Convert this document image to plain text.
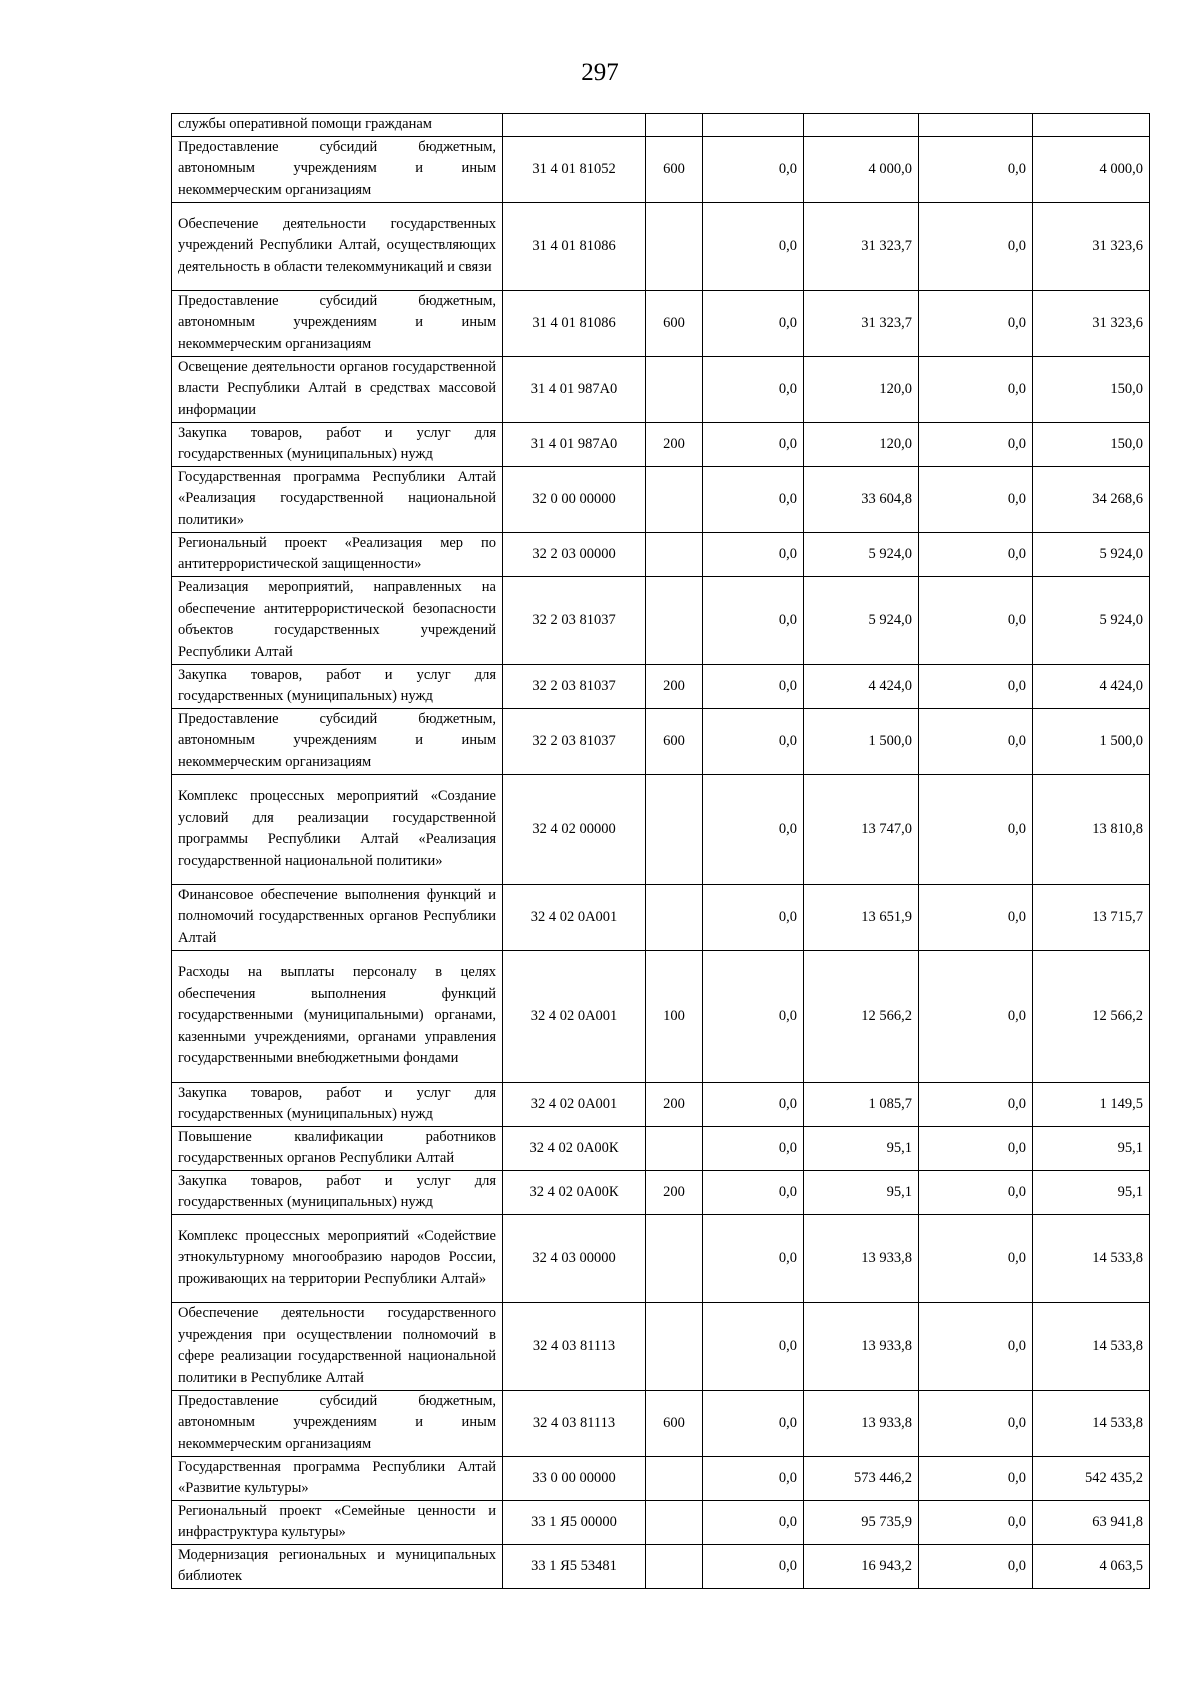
297
службы оперативной помощи гражданам						
Предоставление субсидий бюджетным, автономным учреждениям и иным некоммерческим организациям	31 4 01 81052	600	0,0	4 000,0	0,0	4 000,0
Обеспечение деятельности государственных учреждений Республики Алтай, осуществляющих деятельность в области телекоммуникаций и связи	31 4 01 81086		0,0	31 323,7	0,0	31 323,6
Предоставление субсидий бюджетным, автономным учреждениям и иным некоммерческим организациям	31 4 01 81086	600	0,0	31 323,7	0,0	31 323,6
Освещение деятельности органов государственной власти Республики Алтай в средствах массовой информации	31 4 01 987A0		0,0	120,0	0,0	150,0
Закупка товаров, работ и услуг для государственных (муниципальных) нужд	31 4 01 987A0	200	0,0	120,0	0,0	150,0
Государственная программа Республики Алтай «Реализация государственной национальной политики»	32 0 00 00000		0,0	33 604,8	0,0	34 268,6
Региональный проект «Реализация мер по антитеррористической защищенности»	32 2 03 00000		0,0	5 924,0	0,0	5 924,0
Реализация мероприятий, направленных на обеспечение антитеррористической безопасности объектов государственных учреждений Республики Алтай	32 2 03 81037		0,0	5 924,0	0,0	5 924,0
Закупка товаров, работ и услуг для государственных (муниципальных) нужд	32 2 03 81037	200	0,0	4 424,0	0,0	4 424,0
Предоставление субсидий бюджетным, автономным учреждениям и иным некоммерческим организациям	32 2 03 81037	600	0,0	1 500,0	0,0	1 500,0
Комплекс процессных мероприятий «Создание условий для реализации государственной программы Республики Алтай «Реализация государственной национальной политики»	32 4 02 00000		0,0	13 747,0	0,0	13 810,8
Финансовое обеспечение выполнения функций и полномочий государственных органов Республики Алтай	32 4 02 0А001		0,0	13 651,9	0,0	13 715,7
Расходы на выплаты персоналу в целях обеспечения выполнения функций государственными (муниципальными) органами, казенными учреждениями, органами управления государственными внебюджетными фондами	32 4 02 0А001	100	0,0	12 566,2	0,0	12 566,2
Закупка товаров, работ и услуг для государственных (муниципальных) нужд	32 4 02 0А001	200	0,0	1 085,7	0,0	1 149,5
Повышение квалификации работников государственных органов Республики Алтай	32 4 02 0А00К		0,0	95,1	0,0	95,1
Закупка товаров, работ и услуг для государственных (муниципальных) нужд	32 4 02 0А00К	200	0,0	95,1	0,0	95,1
Комплекс процессных мероприятий «Содействие этнокультурному многообразию народов России, проживающих на территории Республики Алтай»	32 4 03 00000		0,0	13 933,8	0,0	14 533,8
Обеспечение деятельности государственного учреждения при осуществлении полномочий в сфере реализации государственной национальной политики в Республике Алтай	32 4 03 81113		0,0	13 933,8	0,0	14 533,8
Предоставление субсидий бюджетным, автономным учреждениям и иным некоммерческим организациям	32 4 03 81113	600	0,0	13 933,8	0,0	14 533,8
Государственная программа Республики Алтай «Развитие культуры»	33 0 00 00000		0,0	573 446,2	0,0	542 435,2
Региональный проект «Семейные ценности и инфраструктура культуры»	33 1 Я5 00000		0,0	95 735,9	0,0	63 941,8
Модернизация региональных и муниципальных библиотек	33 1 Я5 53481		0,0	16 943,2	0,0	4 063,5
